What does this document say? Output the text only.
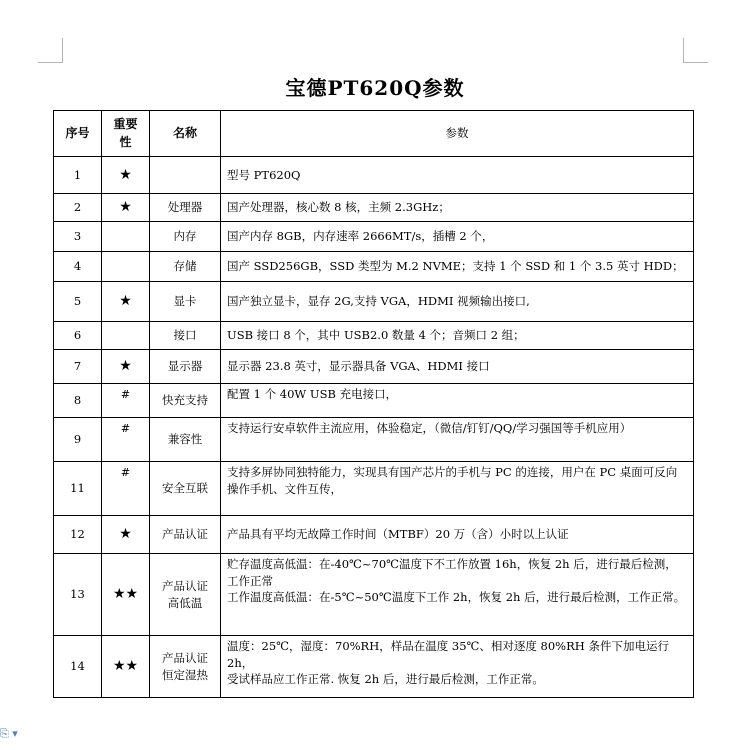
宝德PT620Q参数
序号	重要性	名称	参数
1	★		型号 PT620Q

2	★	处理器	国产处理器，核心数 8 核，主频 2.3GHz；

3		内存	国产内存 8GB，内存速率 2666MT/s，插槽 2 个，

4		存储	国产 SSD256GB，SSD 类型为 M.2 NVME；支持 1 个 SSD 和 1 个 3.5 英寸 HDD；

5	★	显卡	国产独立显卡，显存 2G,支持 VGA，HDMI 视频输出接口,

6		接口	USB 接口 8 个，其中 USB2.0 数量 4 个；音频口 2 组；

7	★	显示器	显示器 23.8 英寸，显示器具备 VGA、HDMI 接口

8	#	快充支持	配置 1 个 40W USB 充电接口，

9	#	兼容性	支持运行安卓软件主流应用，体验稳定，（微信/钉钉/QQ/学习强国等手机应用）

11	#	安全互联	支持多屏协同独特能力，实现具有国产芯片的手机与 PC 的连接，用户在 PC 桌面可反向操作手机、文件互传，

12	★	产品认证	产品具有平均无故障工作时间（MTBF）20 万（含）小时以上认证

13	★★	产品认证
高低温	贮存温度高低温：在-40℃~70℃温度下不工作放置 16h，恢复 2h 后，进行最后检测，工作正常
工作温度高低温：在-5℃~50℃温度下工作 2h，恢复 2h 后，进行最后检测，工作正常。

14	★★	产品认证
恒定湿热	温度：25℃，湿度：70%RH，样品在温度 35℃、相对逐度 80%RH 条件下加电运行 2h，
受试样品应工作正常. 恢复 2h 后，进行最后检测，工作正常。
⎘ ▾
